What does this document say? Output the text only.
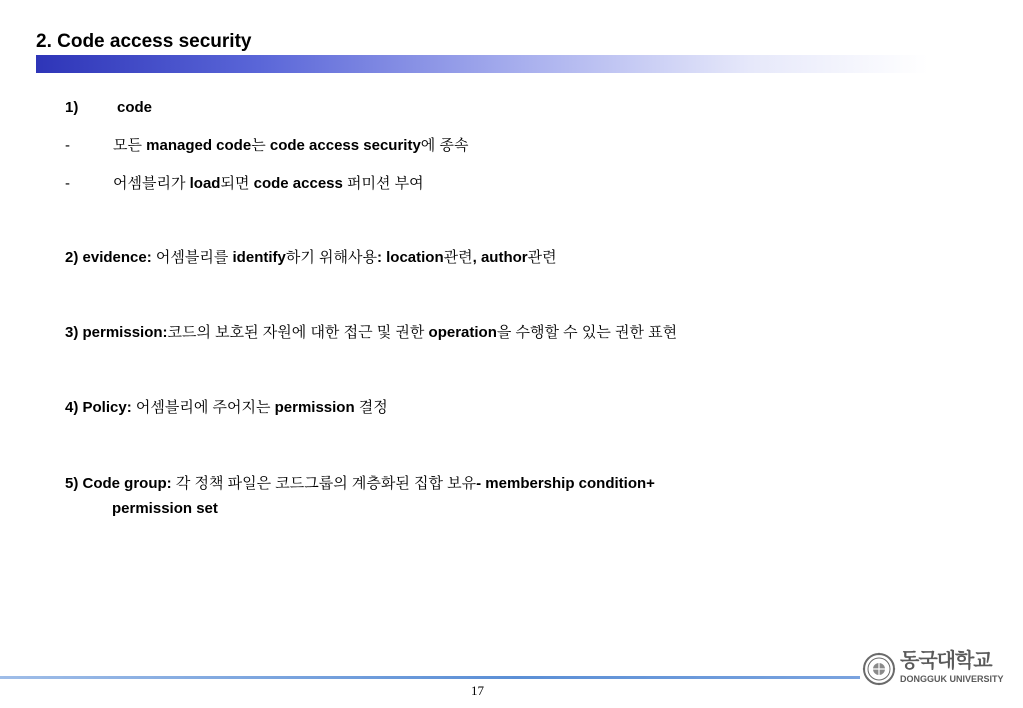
2. Code access security
1)	code
-	모든 managed code는 code access security에 종속
-	어셈블리가 load되면 code access 퍼미션 부여
2) evidence: 어셈블리를 identify하기 위해사용: location관련, author관련
3) permission:코드의 보호된 자원에 대한 접근 및 권한 operation을 수행할 수 있는 권한 표현
4) Policy: 어셈블리에 주어지는 permission 결정
5) Code group: 각 정책 파일은 코드그룹의 계층화된 집합 보유- membership condition+
permission set
17
동국대학교
DONGGUK UNIVERSITY
